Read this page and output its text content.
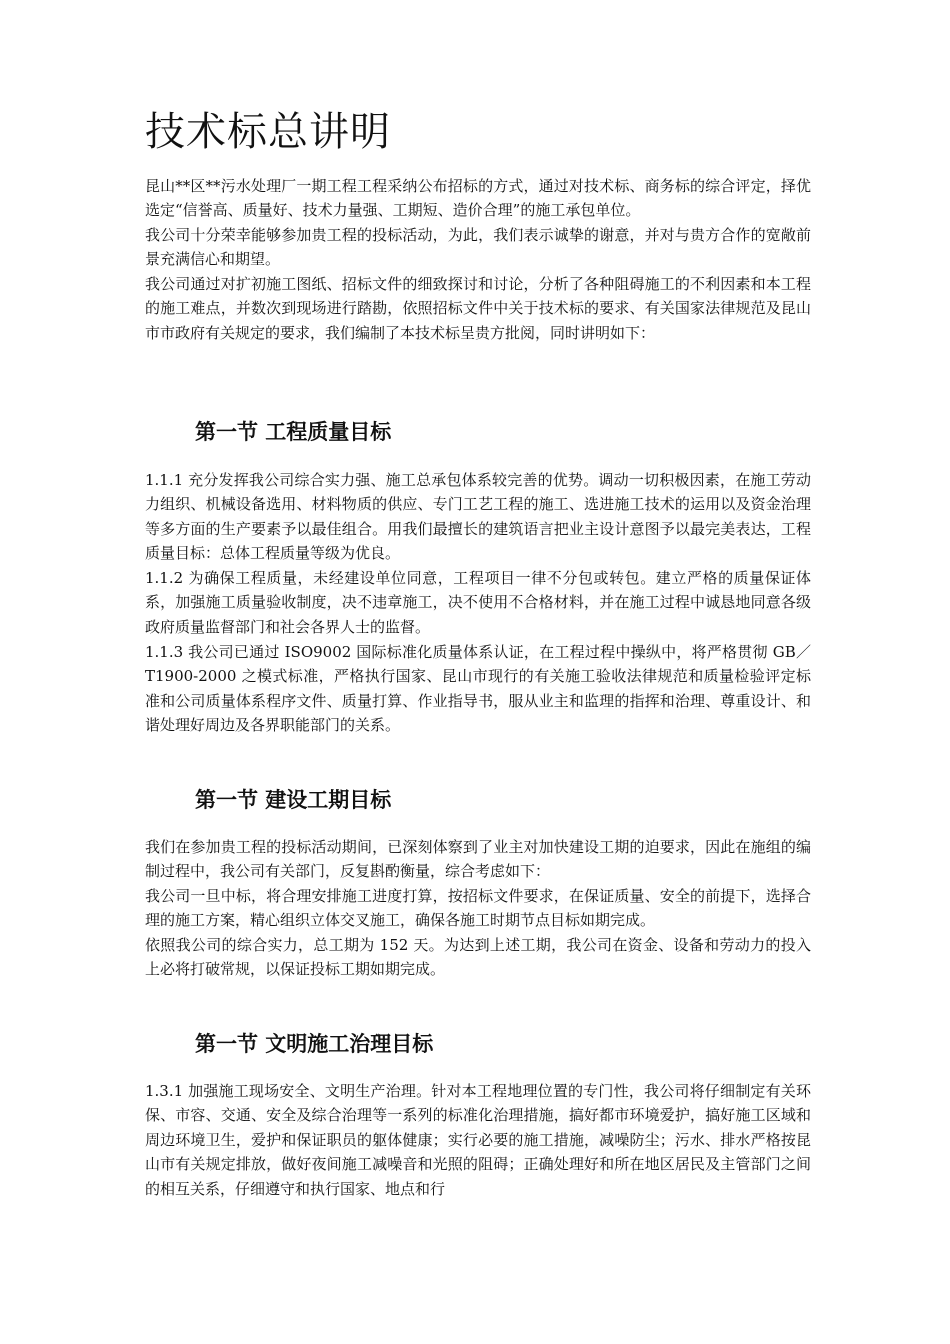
技术标总讲明

昆山**区**污水处理厂一期工程工程采纳公布招标的方式，通过对技术标、商务标的综合评定，择优选定“信誉高、质量好、技术力量强、工期短、造价合理”的施工承包单位。

我公司十分荣幸能够参加贵工程的投标活动，为此，我们表示诚挚的谢意，并对与贵方合作的宽敞前景充满信心和期望。

我公司通过对扩初施工图纸、招标文件的细致探讨和讨论，分析了各种阻碍施工的不利因素和本工程的施工难点，并数次到现场进行踏勘，依照招标文件中关于技术标的要求、有关国家法律规范及昆山市市政府有关规定的要求，我们编制了本技术标呈贵方批阅，同时讲明如下：

第一节 工程质量目标

1.1.1 充分发挥我公司综合实力强、施工总承包体系较完善的优势。调动一切积极因素，在施工劳动力组织、机械设备选用、材料物质的供应、专门工艺工程的施工、选进施工技术的运用以及资金治理等多方面的生产要素予以最佳组合。用我们最擅长的建筑语言把业主设计意图予以最完美表达，工程质量目标：总体工程质量等级为优良。

1.1.2 为确保工程质量，未经建设单位同意，工程项目一律不分包或转包。建立严格的质量保证体系，加强施工质量验收制度，决不违章施工，决不使用不合格材料，并在施工过程中诚恳地同意各级政府质量监督部门和社会各界人士的监督。

1.1.3 我公司已通过 ISO9002 国际标准化质量体系认证，在工程过程中操纵中，将严格贯彻 GB／T1900-2000 之模式标准，严格执行国家、昆山市现行的有关施工验收法律规范和质量检验评定标准和公司质量体系程序文件、质量打算、作业指导书，服从业主和监理的指挥和治理、尊重设计、和谐处理好周边及各界职能部门的关系。

第一节 建设工期目标

我们在参加贵工程的投标活动期间，已深刻体察到了业主对加快建设工期的迫要求，因此在施组的编制过程中，我公司有关部门，反复斟酌衡量，综合考虑如下：

我公司一旦中标，将合理安排施工进度打算，按招标文件要求，在保证质量、安全的前提下，选择合理的施工方案，精心组织立体交叉施工，确保各施工时期节点目标如期完成。

依照我公司的综合实力，总工期为 152 天。为达到上述工期，我公司在资金、设备和劳动力的投入上必将打破常规，以保证投标工期如期完成。

第一节 文明施工治理目标

1.3.1 加强施工现场安全、文明生产治理。针对本工程地理位置的专门性，我公司将仔细制定有关环保、市容、交通、安全及综合治理等一系列的标准化治理措施，搞好都市环境爱护，搞好施工区域和周边环境卫生，爱护和保证职员的躯体健康；实行必要的施工措施，减噪防尘；污水、排水严格按昆山市有关规定排放，做好夜间施工减噪音和光照的阻碍；正确处理好和所在地区居民及主管部门之间的相互关系，仔细遵守和执行国家、地点和行
